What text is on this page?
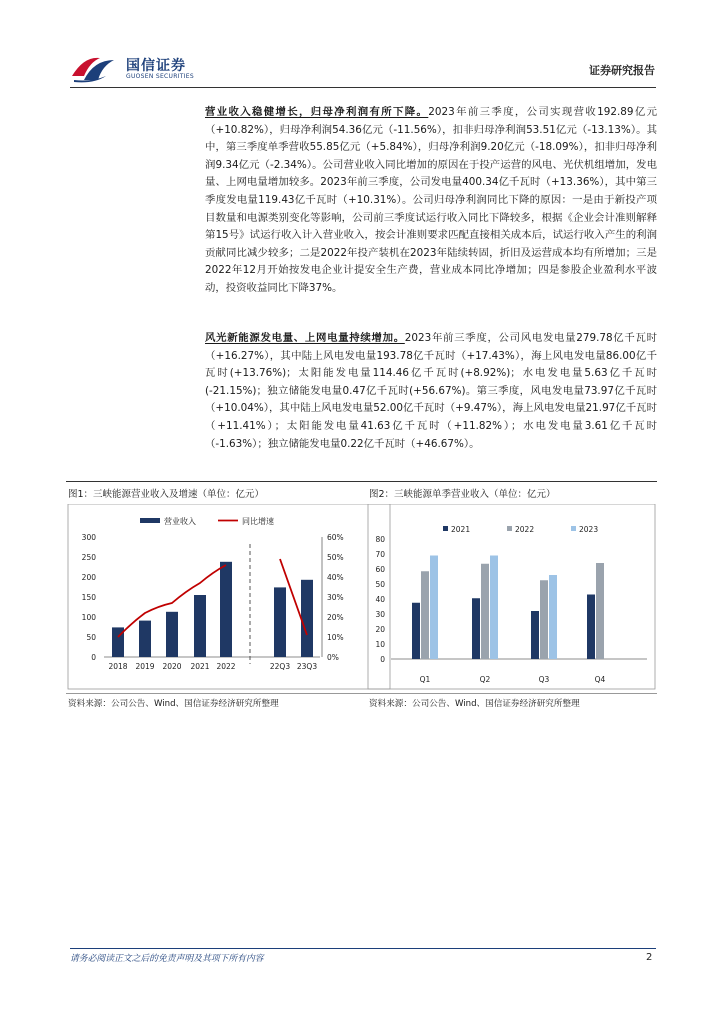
国信证券
GUOSEN SECURITIES	证券研究报告
营业收入稳健增长，归母净利润有所下降。2023年前三季度，公司实现营收192.89亿元（+10.82%），归母净利润54.36亿元（-11.56%），扣非归母净利润53.51亿元（-13.13%）。其中，第三季度单季营收55.85亿元（+5.84%），归母净利润9.20亿元（-18.09%），扣非归母净利润9.34亿元（-2.34%）。公司营业收入同比增加的原因在于投产运营的风电、光伏机组增加，发电量、上网电量增加较多。2023年前三季度，公司发电量400.34亿千瓦时（+13.36%），其中第三季度发电量119.43亿千瓦时（+10.31%）。公司归母净利润同比下降的原因：一是由于新投产项目数量和电源类别变化等影响，公司前三季度试运行收入同比下降较多，根据《企业会计准则解释第15号》试运行收入计入营业收入，按会计准则要求匹配直接相关成本后，试运行收入产生的利润贡献同比减少较多；二是2022年投产装机在2023年陆续转固，折旧及运营成本均有所增加；三是2022年12月开始按发电企业计提安全生产费，营业成本同比净增加；四是参股企业盈利水平波动，投资收益同比下降37%。
风光新能源发电量、上网电量持续增加。2023年前三季度，公司风电发电量279.78亿千瓦时（+16.27%），其中陆上风电发电量193.78亿千瓦时（+17.43%），海上风电发电量86.00亿千瓦时(+13.76%)；太阳能发电量114.46亿千瓦时(+8.92%)；水电发电量5.63亿千瓦时(-21.15%)；独立储能发电量0.47亿千瓦时(+56.67%)。第三季度，风电发电量73.97亿千瓦时（+10.04%），其中陆上风电发电量52.00亿千瓦时（+9.47%），海上风电发电量21.97亿千瓦时（+11.41%）；太阳能发电量41.63亿千瓦时（+11.82%）；水电发电量3.61亿千瓦时（-1.63%）；独立储能发电量0.22亿千瓦时（+46.67%）。
图1：三峡能源营业收入及增速（单位：亿元）
0
50
100
150
200
250
300
0%
10%
20%
30%
40%
50%
60%
2018 2019 2020 2021 2022	22Q3 23Q3
营业收入	同比增速
资料来源：公司公告、Wind、国信证券经济研究所整理
图2：三峡能源单季营业收入（单位：亿元）
0
10
20
30
40
50
60
70
80
Q1	Q2	Q3	Q4
2021	2022	2023
资料来源：公司公告、Wind、国信证券经济研究所整理
请务必阅读正文之后的免责声明及其项下所有内容	2
